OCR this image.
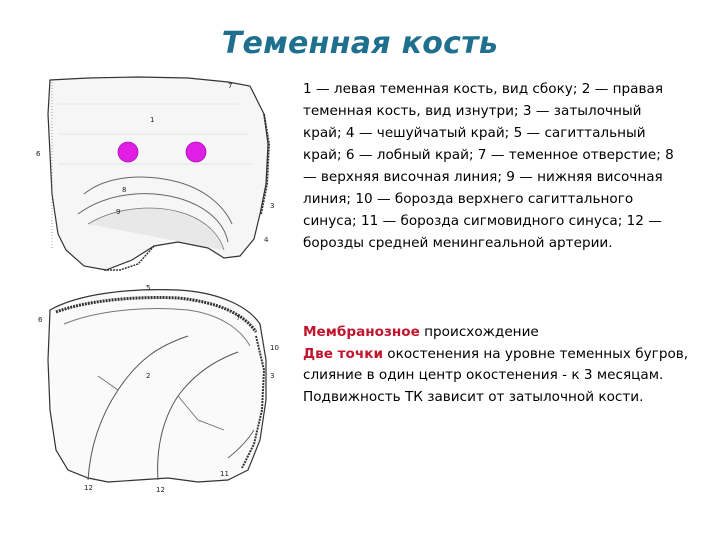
Теменная кость
7
1
6
8
9
3
4
5
6	7
10
2	3
12	12
11
1 — левая теменная кость, вид сбоку; 2 — правая теменная кость, вид изнутри; 3 — затылочный край; 4 — чешуйчатый край; 5 — сагиттальный край; 6 — лобный край; 7 — теменное отверстие; 8 — верхняя височная линия; 9 — нижняя височная линия; 10 — борозда верхнего сагиттального синуса; 11 — борозда сигмовидного синуса; 12 —борозды средней менингеальной артерии.

Мембранозное происхождение

Две точки окостенения на уровне теменных бугров, слияние в один центр окостенения - к 3 месяцам.

Подвижность ТК зависит от затылочной кости.
